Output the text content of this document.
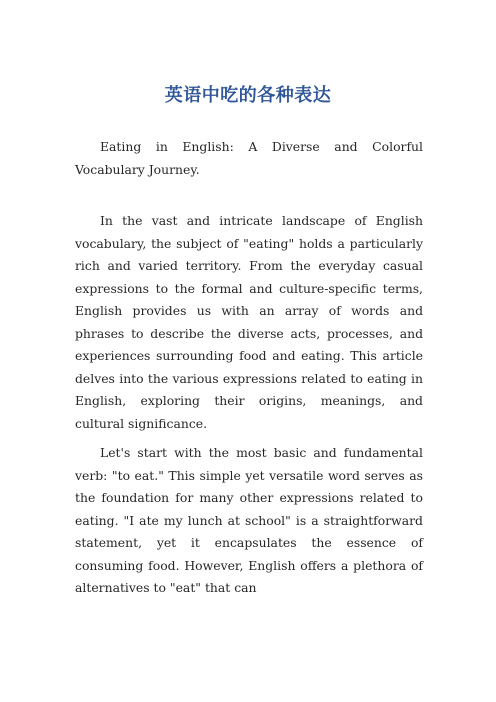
英语中吃的各种表达

Eating in English: A Diverse and Colorful Vocabulary Journey.

In the vast and intricate landscape of English vocabulary, the subject of "eating" holds a particularly rich and varied territory. From the everyday casual expressions to the formal and culture-specific terms, English provides us with an array of words and phrases to describe the diverse acts, processes, and experiences surrounding food and eating. This article delves into the various expressions related to eating in English, exploring their origins, meanings, and cultural significance.

Let's start with the most basic and fundamental verb: "to eat." This simple yet versatile word serves as the foundation for many other expressions related to eating. "I ate my lunch at school" is a straightforward statement, yet it encapsulates the essence of consuming food. However, English offers a plethora of alternatives to "eat" that can
